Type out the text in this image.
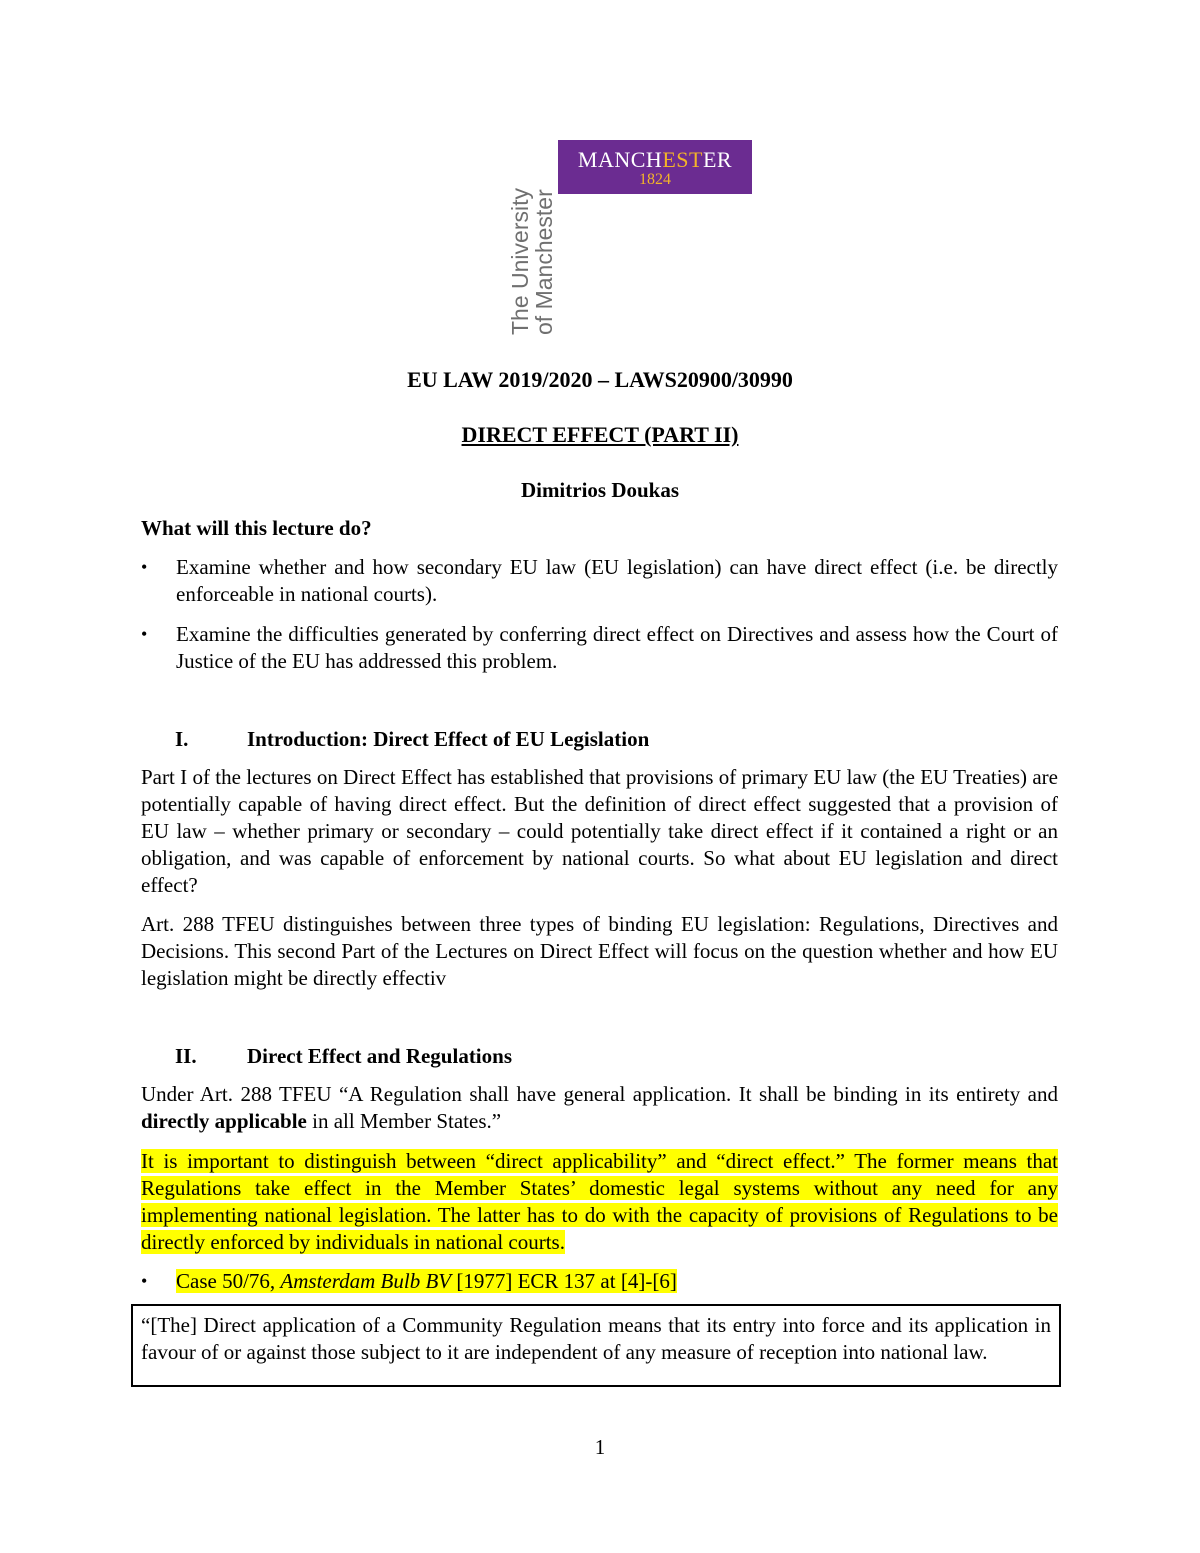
MANCHESTER
1824
The University
of Manchester
EU LAW 2019/2020 – LAWS20900/30990
DIRECT EFFECT (PART II)
Dimitrios Doukas
What will this lecture do?
•	Examine whether and how secondary EU law (EU legislation) can have direct effect (i.e. be directly enforceable in national courts).
•	Examine the difficulties generated by conferring direct effect on Directives and assess how the Court of Justice of the EU has addressed this problem.
I.	Introduction: Direct Effect of EU Legislation
Part I of the lectures on Direct Effect has established that provisions of primary EU law (the EU Treaties) are potentially capable of having direct effect. But the definition of direct effect suggested that a provision of EU law – whether primary or secondary – could potentially take direct effect if it contained a right or an obligation, and was capable of enforcement by national courts. So what about EU legislation and direct effect?
Art. 288 TFEU distinguishes between three types of binding EU legislation: Regulations, Directives and Decisions. This second Part of the Lectures on Direct Effect will focus on the question whether and how EU legislation might be directly effectiv
II. Direct Effect and Regulations
Under Art. 288 TFEU “A Regulation shall have general application. It shall be binding in its entirety and directly applicable in all Member States.”
It is important to distinguish between “direct applicability” and “direct effect.” The former means that Regulations take effect in the Member States’ domestic legal systems without any need for any implementing national legislation. The latter has to do with the capacity of provisions of Regulations to be directly enforced by individuals in national courts.
•	Case 50/76, Amsterdam Bulb BV [1977] ECR 137 at [4]-[6]
“[The] Direct application of a Community Regulation means that its entry into force and its application in favour of or against those subject to it are independent of any measure of reception into national law.
1
